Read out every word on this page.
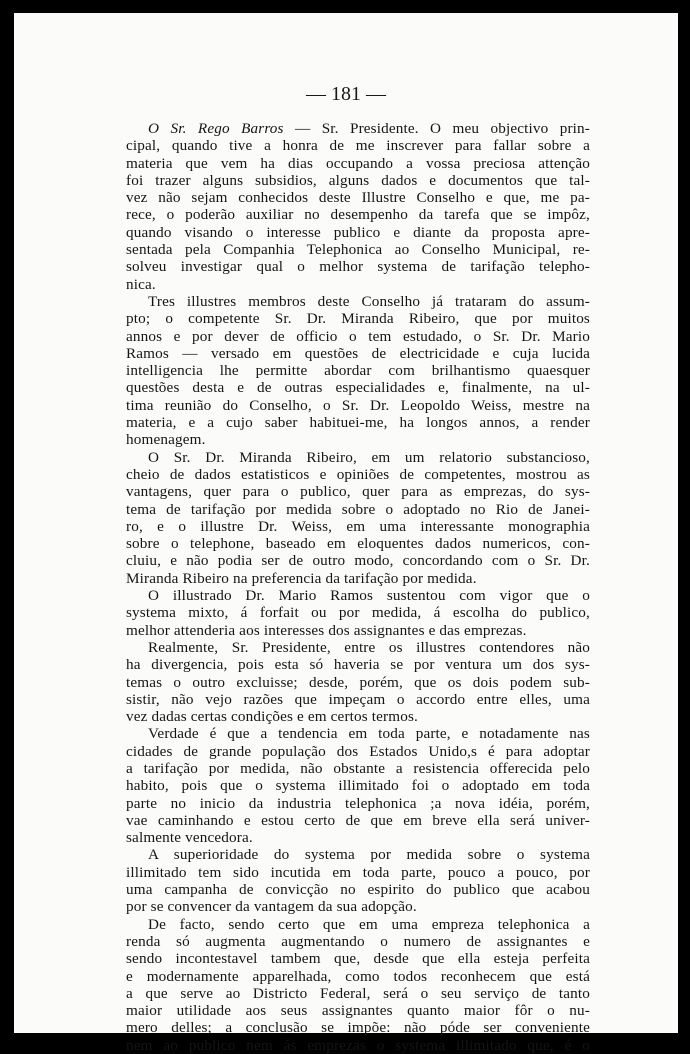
— 181 —
O Sr. Rego Barros — Sr. Presidente. O meu objectivo prin-
cipal, quando tive a honra de me inscrever para fallar sobre a
materia que vem ha dias occupando a vossa preciosa attenção
foi trazer alguns subsidios, alguns dados e documentos que tal-
vez não sejam conhecidos deste Illustre Conselho e que, me pa-
rece, o poderão auxiliar no desempenho da tarefa que se impôz,
quando visando o interesse publico e diante da proposta apre-
sentada pela Companhia Telephonica ao Conselho Municipal, re-
solveu investigar qual o melhor systema de tarifação telepho-
nica.
Tres illustres membros deste Conselho já trataram do assum-
pto; o competente Sr. Dr. Miranda Ribeiro, que por muitos
annos e por dever de officio o tem estudado, o Sr. Dr. Mario
Ramos — versado em questões de electricidade e cuja lucida
intelligencia lhe permitte abordar com brilhantismo quaesquer
questões desta e de outras especialidades e, finalmente, na ul-
tima reunião do Conselho, o Sr. Dr. Leopoldo Weiss, mestre na
materia, e a cujo saber habituei-me, ha longos annos, a render
homenagem.
O Sr. Dr. Miranda Ribeiro, em um relatorio substancioso,
cheio de dados estatisticos e opiniões de competentes, mostrou as
vantagens, quer para o publico, quer para as emprezas, do sys-
tema de tarifação por medida sobre o adoptado no Rio de Janei-
ro, e o illustre Dr. Weiss, em uma interessante monographia
sobre o telephone, baseado em eloquentes dados numericos, con-
cluiu, e não podia ser de outro modo, concordando com o Sr. Dr.
Miranda Ribeiro na preferencia da tarifação por medida.
O illustrado Dr. Mario Ramos sustentou com vigor que o
systema mixto, á forfait ou por medida, á escolha do publico,
melhor attenderia aos interesses dos assignantes e das emprezas.
Realmente, Sr. Presidente, entre os illustres contendores não
ha divergencia, pois esta só haveria se por ventura um dos sys-
temas o outro excluisse; desde, porém, que os dois podem sub-
sistir, não vejo razões que impeçam o accordo entre elles, uma
vez dadas certas condições e em certos termos.
Verdade é que a tendencia em toda parte, e notadamente nas
cidades de grande população dos Estados Unido,s é para adoptar
a tarifação por medida, não obstante a resistencia offerecida pelo
habito, pois que o systema illimitado foi o adoptado em toda
parte no inicio da industria telephonica ;a nova idéia, porém,
vae caminhando e estou certo de que em breve ella será univer-
salmente vencedora.
A superioridade do systema por medida sobre o systema
illimitado tem sido incutida em toda parte, pouco a pouco, por
uma campanha de convicção no espirito do publico que acabou
por se convencer da vantagem da sua adopção.
De facto, sendo certo que em uma empreza telephonica a
renda só augmenta augmentando o numero de assignantes e
sendo incontestavel tambem que, desde que ella esteja perfeita
e modernamente apparelhada, como todos reconhecem que está
a que serve ao Districto Federal, será o seu serviço de tanto
maior utilidade aos seus assignantes quanto maior fôr o nu-
mero delles; a conclusão se impõe: não póde ser conveniente
nem ao publico nem ás emprezas o systema illimitado que, é o
